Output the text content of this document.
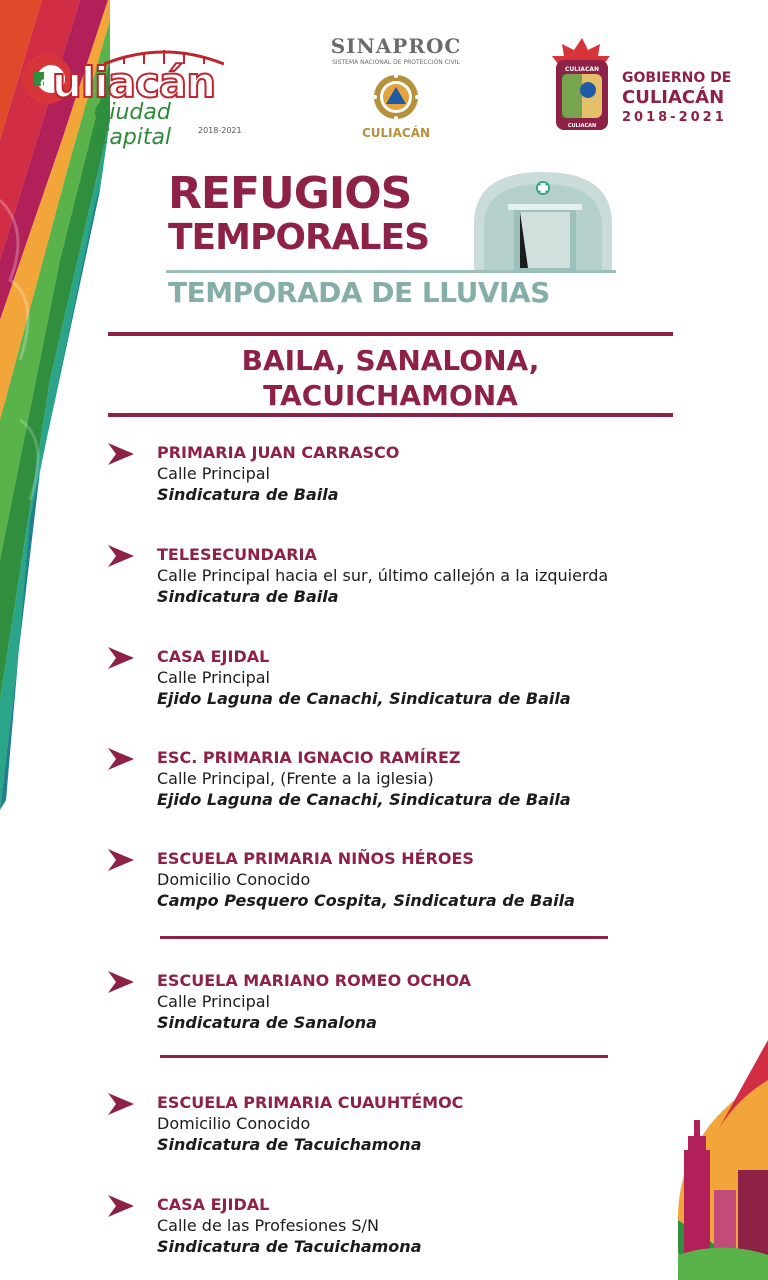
C uliacán
Ciudad Capital	2018-2021
SINAPROC
SISTEMA NACIONAL DE PROTECCIÓN CIVIL
CULIACÁN
CULIACAN
CULIACAN
GOBIERNO DE
CULIACÁN
2018-2021
REFUGIOS
TEMPORALES
TEMPORADA DE LLUVIAS
BAILA, SANALONA,
TACUICHAMONA
PRIMARIA JUAN CARRASCO
Calle Principal
Sindicatura de Baila
TELESECUNDARIA
Calle Principal hacia el sur, último callejón a la izquierda
Sindicatura de Baila
CASA EJIDAL
Calle Principal
Ejido Laguna de Canachi, Sindicatura de Baila
ESC. PRIMARIA IGNACIO RAMÍREZ
Calle Principal, (Frente a la iglesia)
Ejido Laguna de Canachi, Sindicatura de Baila
ESCUELA PRIMARIA NIÑOS HÉROES
Domicilio Conocido
Campo Pesquero Cospita, Sindicatura de Baila
ESCUELA MARIANO ROMEO OCHOA
Calle Principal
Sindicatura de Sanalona
ESCUELA PRIMARIA CUAUHTÉMOC
Domicilio Conocido
Sindicatura de Tacuichamona
CASA EJIDAL
Calle de las Profesiones S/N
Sindicatura de Tacuichamona
